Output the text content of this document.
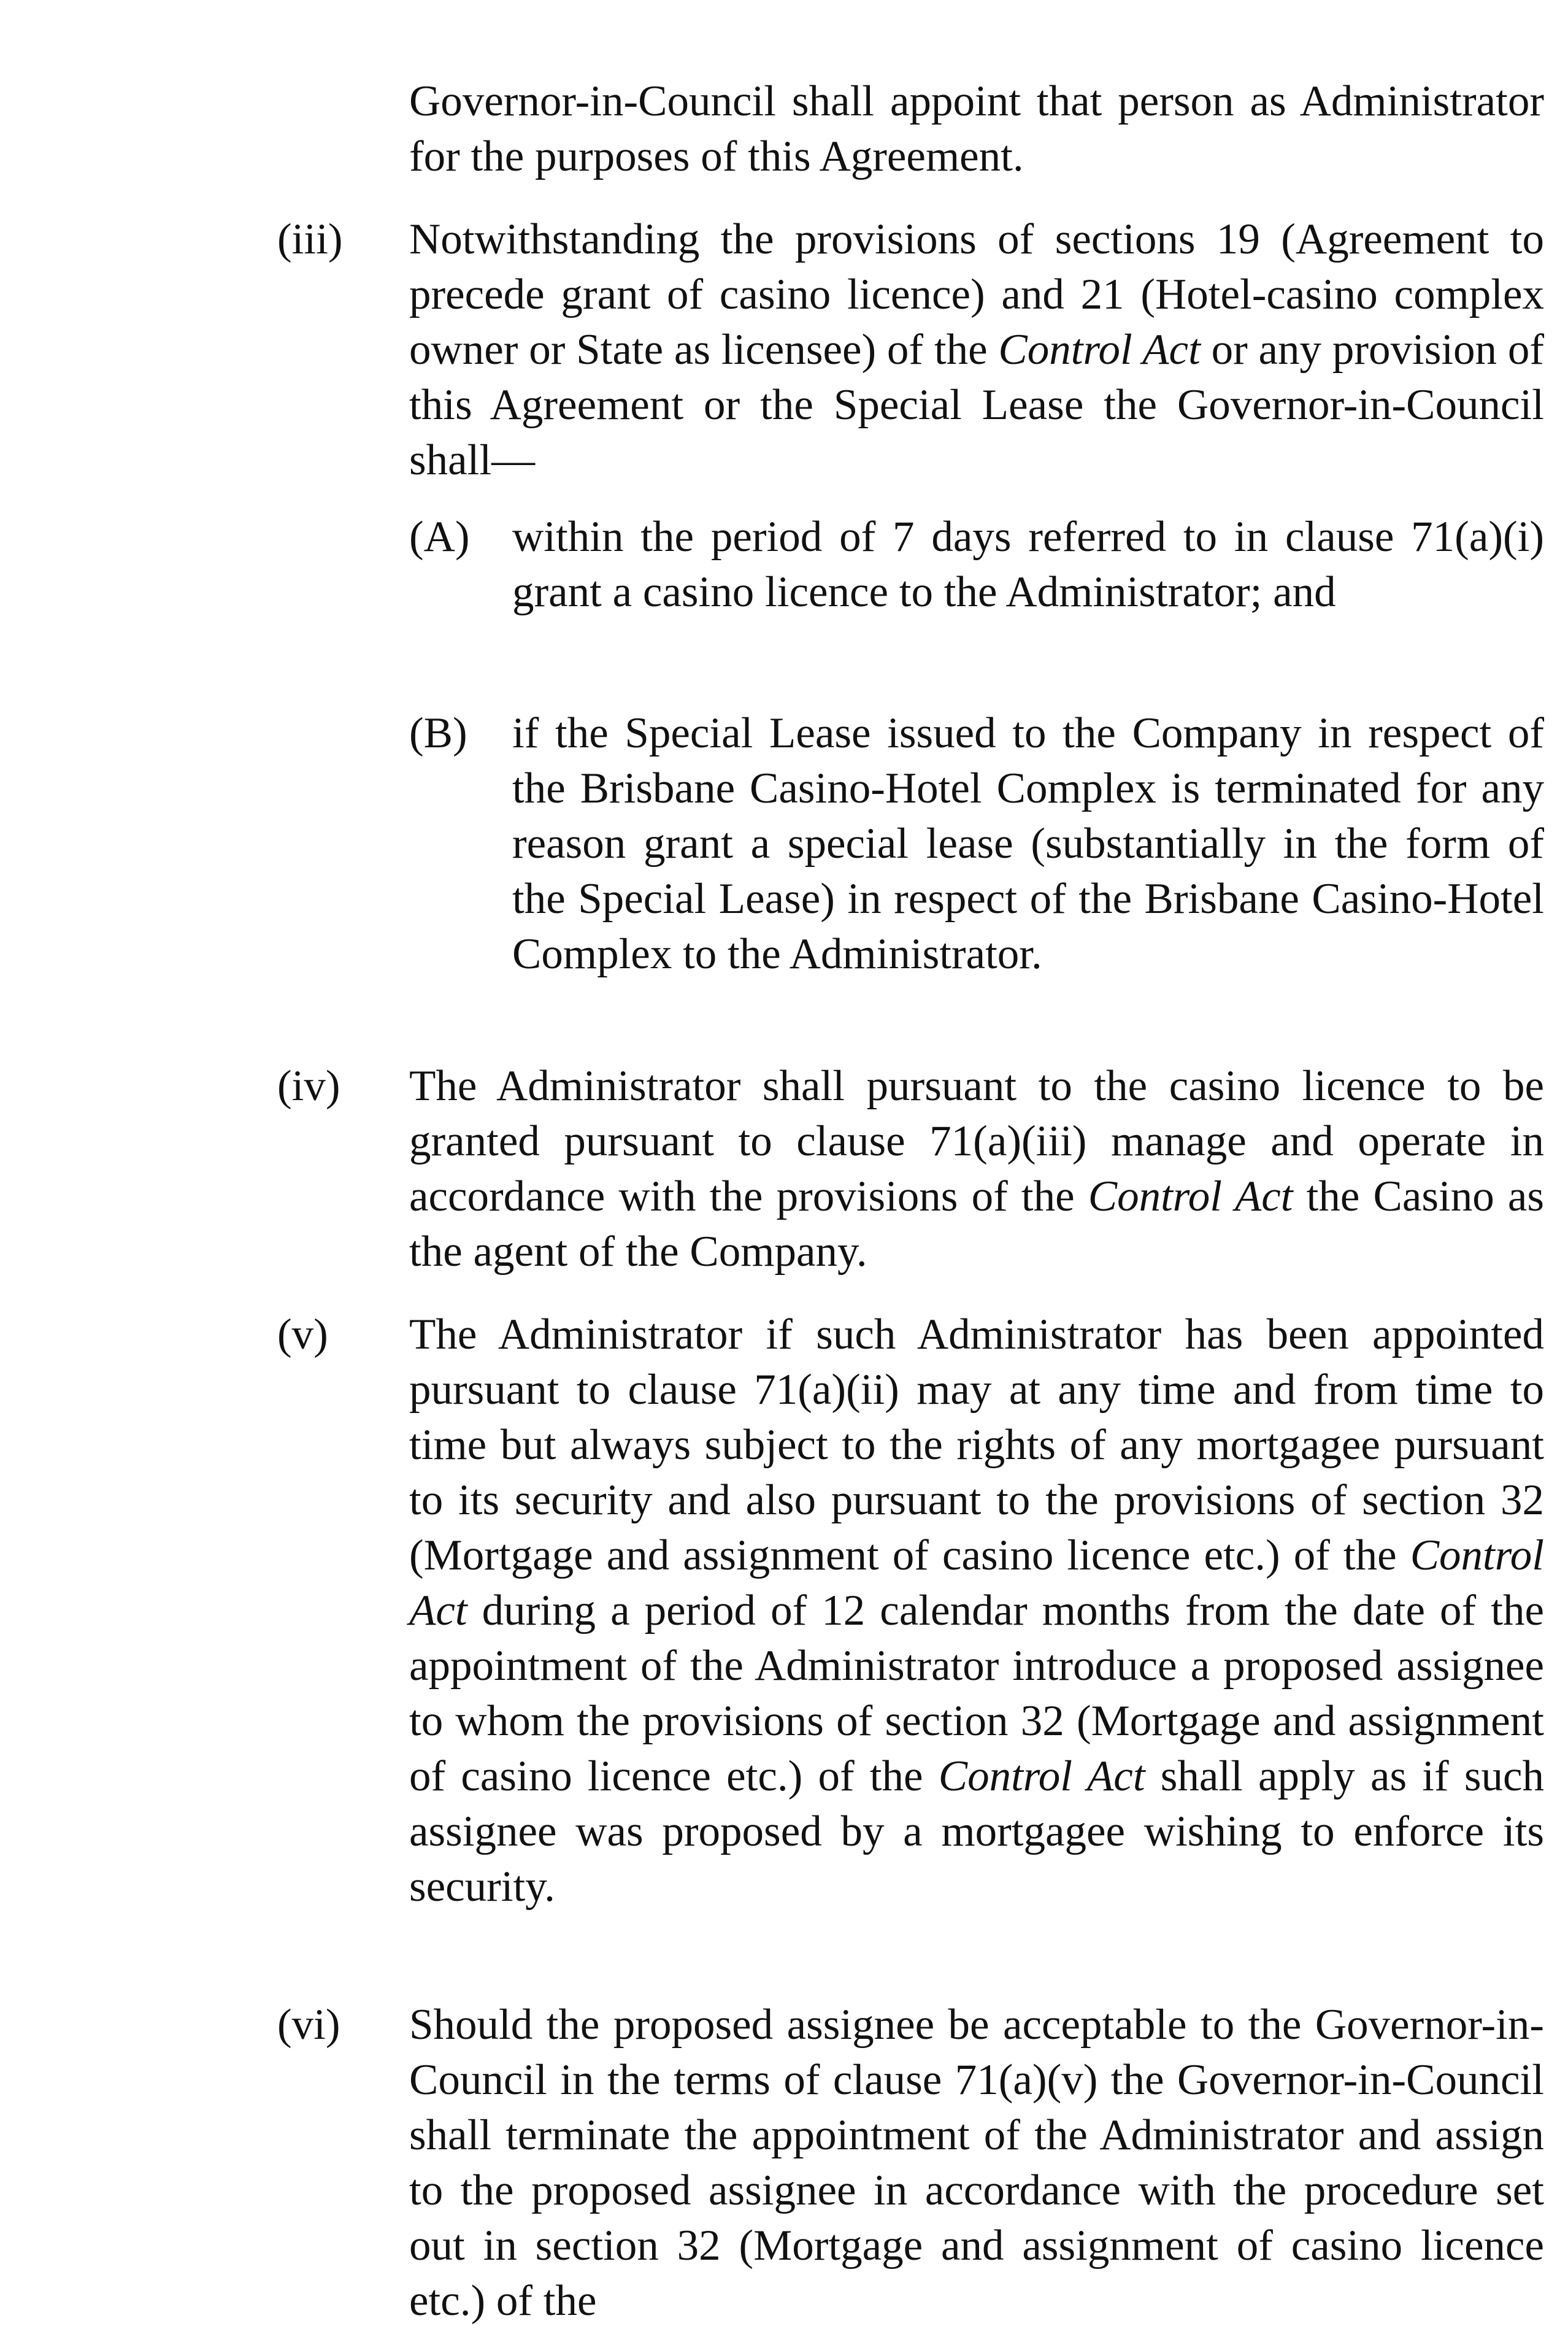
Governor-in-Council shall appoint that person as Administrator for the purposes of this Agreement.
(iii) Notwithstanding the provisions of sections 19 (Agreement to precede grant of casino licence) and 21 (Hotel-casino complex owner or State as licensee) of the Control Act or any provision of this Agreement or the Special Lease the Governor-in-Council shall—
(A) within the period of 7 days referred to in clause 71(a)(i) grant a casino licence to the Administrator; and
(B) if the Special Lease issued to the Company in respect of the Brisbane Casino-Hotel Complex is terminated for any reason grant a special lease (substantially in the form of the Special Lease) in respect of the Brisbane Casino-Hotel Complex to the Administrator.
(iv) The Administrator shall pursuant to the casino licence to be granted pursuant to clause 71(a)(iii) manage and operate in accordance with the provisions of the Control Act the Casino as the agent of the Company.
(v) The Administrator if such Administrator has been appointed pursuant to clause 71(a)(ii) may at any time and from time to time but always subject to the rights of any mortgagee pursuant to its security and also pursuant to the provisions of section 32 (Mortgage and assignment of casino licence etc.) of the Control Act during a period of 12 calendar months from the date of the appointment of the Administrator introduce a proposed assignee to whom the provisions of section 32 (Mortgage and assignment of casino licence etc.) of the Control Act shall apply as if such assignee was proposed by a mortgagee wishing to enforce its security.
(vi) Should the proposed assignee be acceptable to the Governor-in-Council in the terms of clause 71(a)(v) the Governor-in-Council shall terminate the appointment of the Administrator and assign to the proposed assignee in accordance with the procedure set out in section 32 (Mortgage and assignment of casino licence etc.) of the
